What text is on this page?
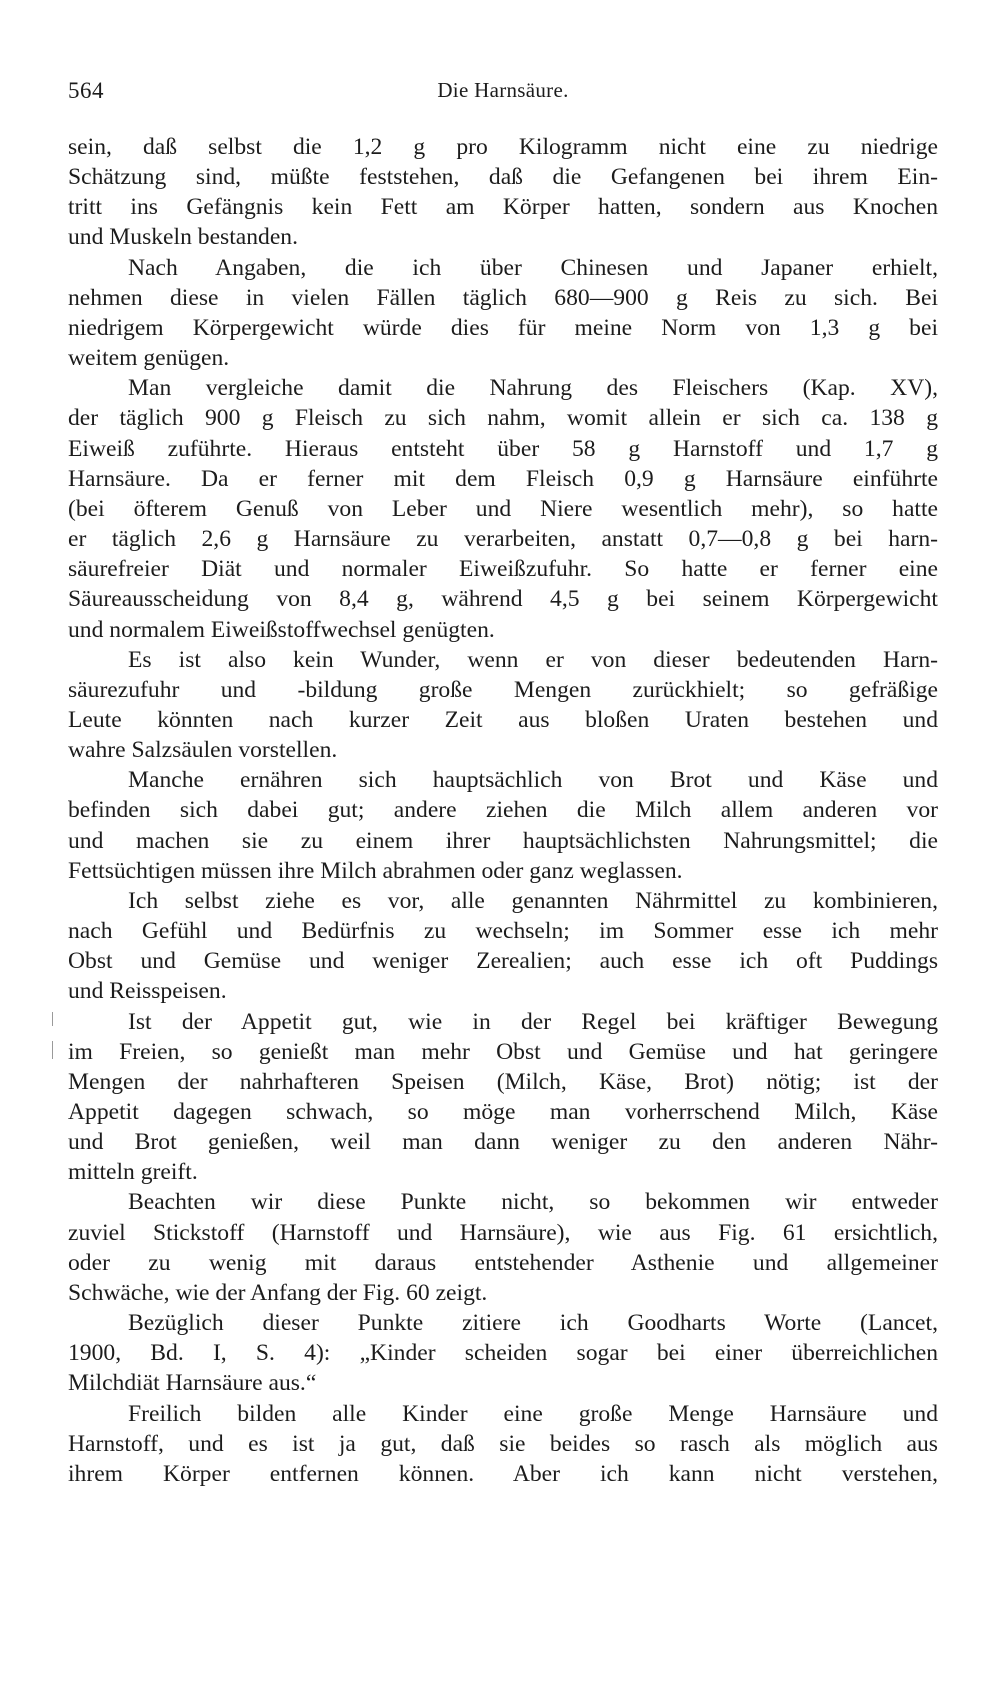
564	Die Harnsäure.
sein, daß selbst die 1,2 g pro Kilogramm nicht eine zu niedrige
Schätzung sind, müßte feststehen, daß die Gefangenen bei ihrem Ein-
tritt ins Gefängnis kein Fett am Körper hatten, sondern aus Knochen
und Muskeln bestanden.
Nach Angaben, die ich über Chinesen und Japaner erhielt,
nehmen diese in vielen Fällen täglich 680—900 g Reis zu sich. Bei
niedrigem Körpergewicht würde dies für meine Norm von 1,3 g bei
weitem genügen.
Man vergleiche damit die Nahrung des Fleischers (Kap. XV),
der täglich 900 g Fleisch zu sich nahm, womit allein er sich ca. 138 g
Eiweiß zuführte. Hieraus entsteht über 58 g Harnstoff und 1,7 g
Harnsäure. Da er ferner mit dem Fleisch 0,9 g Harnsäure einführte
(bei öfterem Genuß von Leber und Niere wesentlich mehr), so hatte
er täglich 2,6 g Harnsäure zu verarbeiten, anstatt 0,7—0,8 g bei harn-
säurefreier Diät und normaler Eiweißzufuhr. So hatte er ferner eine
Säureausscheidung von 8,4 g, während 4,5 g bei seinem Körpergewicht
und normalem Eiweißstoffwechsel genügten.
Es ist also kein Wunder, wenn er von dieser bedeutenden Harn-
säurezufuhr und -bildung große Mengen zurückhielt; so gefräßige
Leute könnten nach kurzer Zeit aus bloßen Uraten bestehen und
wahre Salzsäulen vorstellen.
Manche ernähren sich hauptsächlich von Brot und Käse und
befinden sich dabei gut; andere ziehen die Milch allem anderen vor
und machen sie zu einem ihrer hauptsächlichsten Nahrungsmittel; die
Fettsüchtigen müssen ihre Milch abrahmen oder ganz weglassen.
Ich selbst ziehe es vor, alle genannten Nährmittel zu kombinieren,
nach Gefühl und Bedürfnis zu wechseln; im Sommer esse ich mehr
Obst und Gemüse und weniger Zerealien; auch esse ich oft Puddings
und Reisspeisen.
Ist der Appetit gut, wie in der Regel bei kräftiger Bewegung
im Freien, so genießt man mehr Obst und Gemüse und hat geringere
Mengen der nahrhafteren Speisen (Milch, Käse, Brot) nötig; ist der
Appetit dagegen schwach, so möge man vorherrschend Milch, Käse
und Brot genießen, weil man dann weniger zu den anderen Nähr-
mitteln greift.
Beachten wir diese Punkte nicht, so bekommen wir entweder
zuviel Stickstoff (Harnstoff und Harnsäure), wie aus Fig. 61 ersichtlich,
oder zu wenig mit daraus entstehender Asthenie und allgemeiner
Schwäche, wie der Anfang der Fig. 60 zeigt.
Bezüglich dieser Punkte zitiere ich Goodharts Worte (Lancet,
1900, Bd. I, S. 4): „Kinder scheiden sogar bei einer überreichlichen
Milchdiät Harnsäure aus.“
Freilich bilden alle Kinder eine große Menge Harnsäure und
Harnstoff, und es ist ja gut, daß sie beides so rasch als möglich aus
ihrem Körper entfernen können. Aber ich kann nicht verstehen,
